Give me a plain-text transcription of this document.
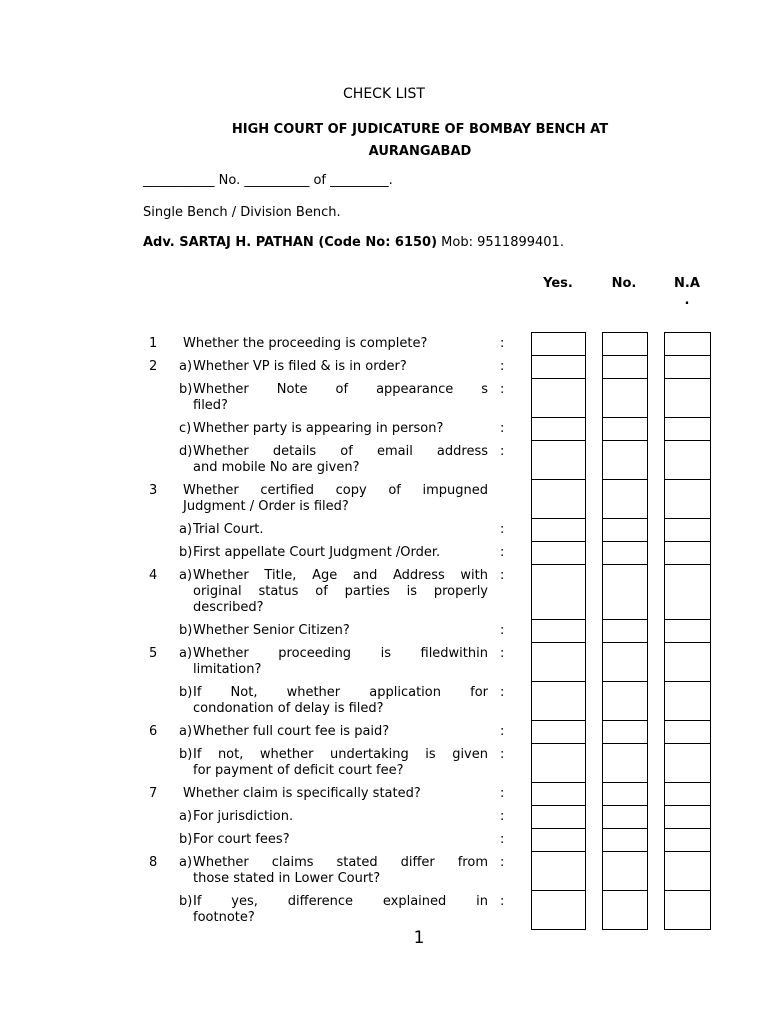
CHECK LIST
HIGH COURT OF JUDICATURE OF BOMBAY BENCH AT
AURANGABAD
___________ No. __________ of _________.
Single Bench / Division Bench.
Adv. SARTAJ H. PATHAN (Code No: 6150) Mob: 9511899401.
Yes.	No.	N.A
.
1 Whether the proceeding is complete?	:
2 a) Whether VP is filed & is in order?	:
b) Whether Note of appearance s
filed?
:
c) Whether party is appearing in person?	:
d) Whether details of email address
and mobile No are given?
:
3 Whether certified copy of impugned
Judgment / Order is filed?
a) Trial Court.	:
b) First appellate Court Judgment /Order.	:
4 a) Whether Title, Age and Address with
original status of parties is properly
described?
:
b) Whether Senior Citizen?	:
5 a) Whether proceeding is filedwithin
limitation?
:
b) If Not, whether application for
condonation of delay is filed?
:
6 a) Whether full court fee is paid?	:
b) If not, whether undertaking is given
for payment of deficit court fee?
:
7 Whether claim is specifically stated?	:
a) For jurisdiction.	:
b) For court fees?	:
8 a) Whether claims stated differ from
those stated in Lower Court?
:
b) If yes, difference explained in
footnote?
:
1
